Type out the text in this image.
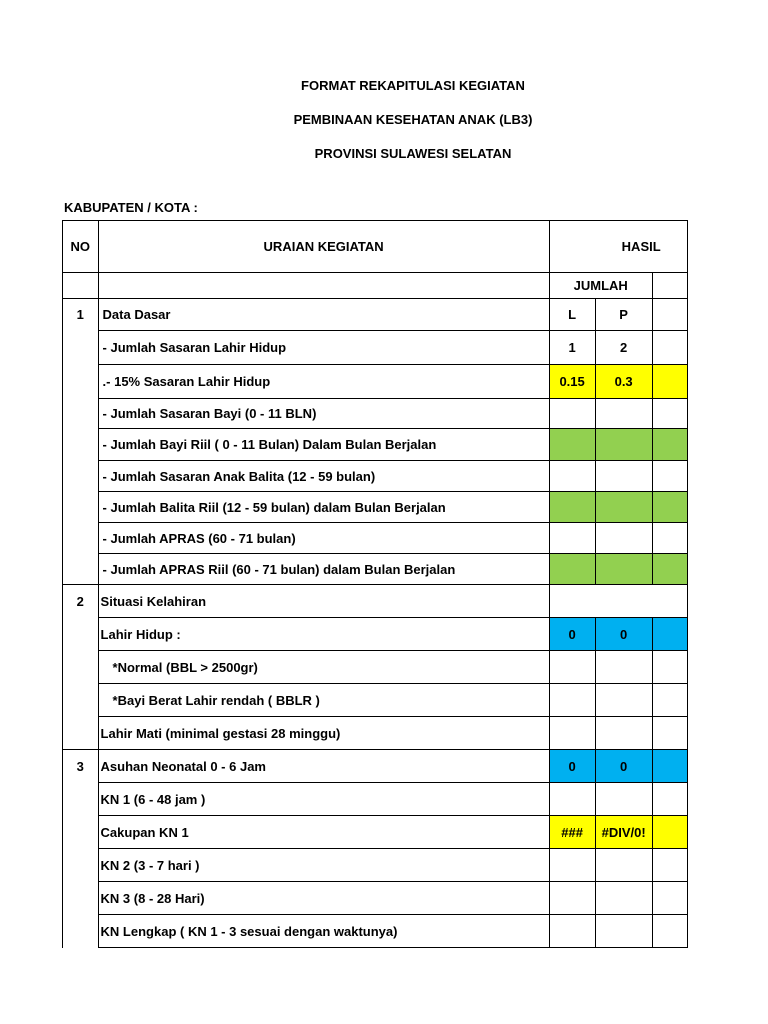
FORMAT REKAPITULASI KEGIATAN
PEMBINAAN KESEHATAN ANAK (LB3)
PROVINSI SULAWESI SELATAN
KABUPATEN / KOTA :
NO	URAIAN KEGIATAN	HASIL		
		JUMLAH		
1	Data Dasar	L	P	
	- Jumlah Sasaran Lahir Hidup	1	2	
	.- 15% Sasaran Lahir Hidup	0.15	0.3	
	- Jumlah Sasaran Bayi (0 - 11 BLN)			
	- Jumlah Bayi Riil ( 0 - 11 Bulan) Dalam Bulan Berjalan			
	- Jumlah Sasaran Anak Balita (12 - 59 bulan)			
	- Jumlah Balita Riil (12 - 59 bulan) dalam Bulan Berjalan			
	- Jumlah APRAS (60 - 71 bulan)			
	- Jumlah APRAS Riil (60 - 71 bulan) dalam Bulan Berjalan			
2	Situasi Kelahiran			
	Lahir Hidup :	0	0	
	*Normal (BBL > 2500gr)			
	*Bayi Berat Lahir rendah ( BBLR )			
	Lahir Mati (minimal gestasi 28 minggu)			
3	Asuhan Neonatal 0 - 6 Jam	0	0	
	KN 1 (6 - 48 jam )			
	Cakupan KN 1	###	#DIV/0!	
	KN 2 (3 - 7 hari )			
	KN 3 (8 - 28 Hari)			
	KN Lengkap ( KN 1 - 3 sesuai dengan waktunya)			
